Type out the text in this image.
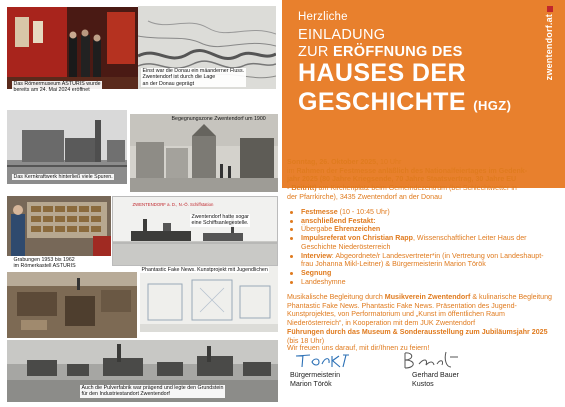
Das Römermuseum ASTURIS wurde
bereits am 24. Mai 2024 eröffnet
Einst war die Donau ein mäanderner Fluss.
Zwentendorf ist durch die Lage
an der Donau geprägt
Das Kernkraftwerk hinterließ viele Spuren.
Begegnungszone Zwentendorf um 1900
Grabungen 1953 bis 1962
im Römerkastell ASTURIS
ZWENTENDORF a. D., N.-Ö. Schiffstation
Zwentendorf hatte sogar
eine Schiffsanlegestelle.
Phantastic Fake News. Kunstprojekt mit Jugendlichen
Auch die Pulverfabrik war prägend und legte den Grundstein
für den Industriestandort Zwentendorf
Herzliche
EINLADUNG
ZUR ERÖFFNUNG DES
HAUSES DER
GESCHICHTE (HGZ)
zwentendorf.at
Sonntag, 26. Oktober 2025, 10 Uhr
im Rahmen der Festmesse anläßlich des Nationalfeiertages im Gedenk-
jahr 2025 (80 Jahre Kriegsende, 70 Jahre Staatsvertrag, 30 Jahre EU
- Beitritt) am Kirchenplatz beim Gemeindezentrum (bei Schlechtwetter in
der Pfarrkirche), 3435 Zwentendorf an der Donau
Festmesse (10 - 10:45 Uhr)
anschließend Festakt:
Übergabe Ehrenzeichen
Impulsreferat von Christian Rapp, Wissenschaftlicher Leiter Haus der
Geschichte Niederösterreich
Interview: Abgeordnete/r Landesvertreter*in (in Vertretung von Landeshaupt-
frau Johanna Mikl-Leitner) & Bürgermeisterin Marion Török
Segnung
Landeshymne
Musikalische Begleitung durch Musikverein Zwentendorf & kulinarische Begleitung
Phantastic Fake News. Phantastic Fake News. Präsentation des Jugend-
Kunstprojektes, von Performatorium und „Kunst im öffentlichen Raum
Niederösterreich“, in Kooperation mit dem JUK Zwentendorf
Führungen durch das Museum & Sonderausstellung zum Jubiläumsjahr 2025
(bis 18 Uhr)
Wir freuen uns darauf, mit dir/Ihnen zu feiern!
Bürgermeisterin
Marion Török
Gerhard Bauer
Kustos
